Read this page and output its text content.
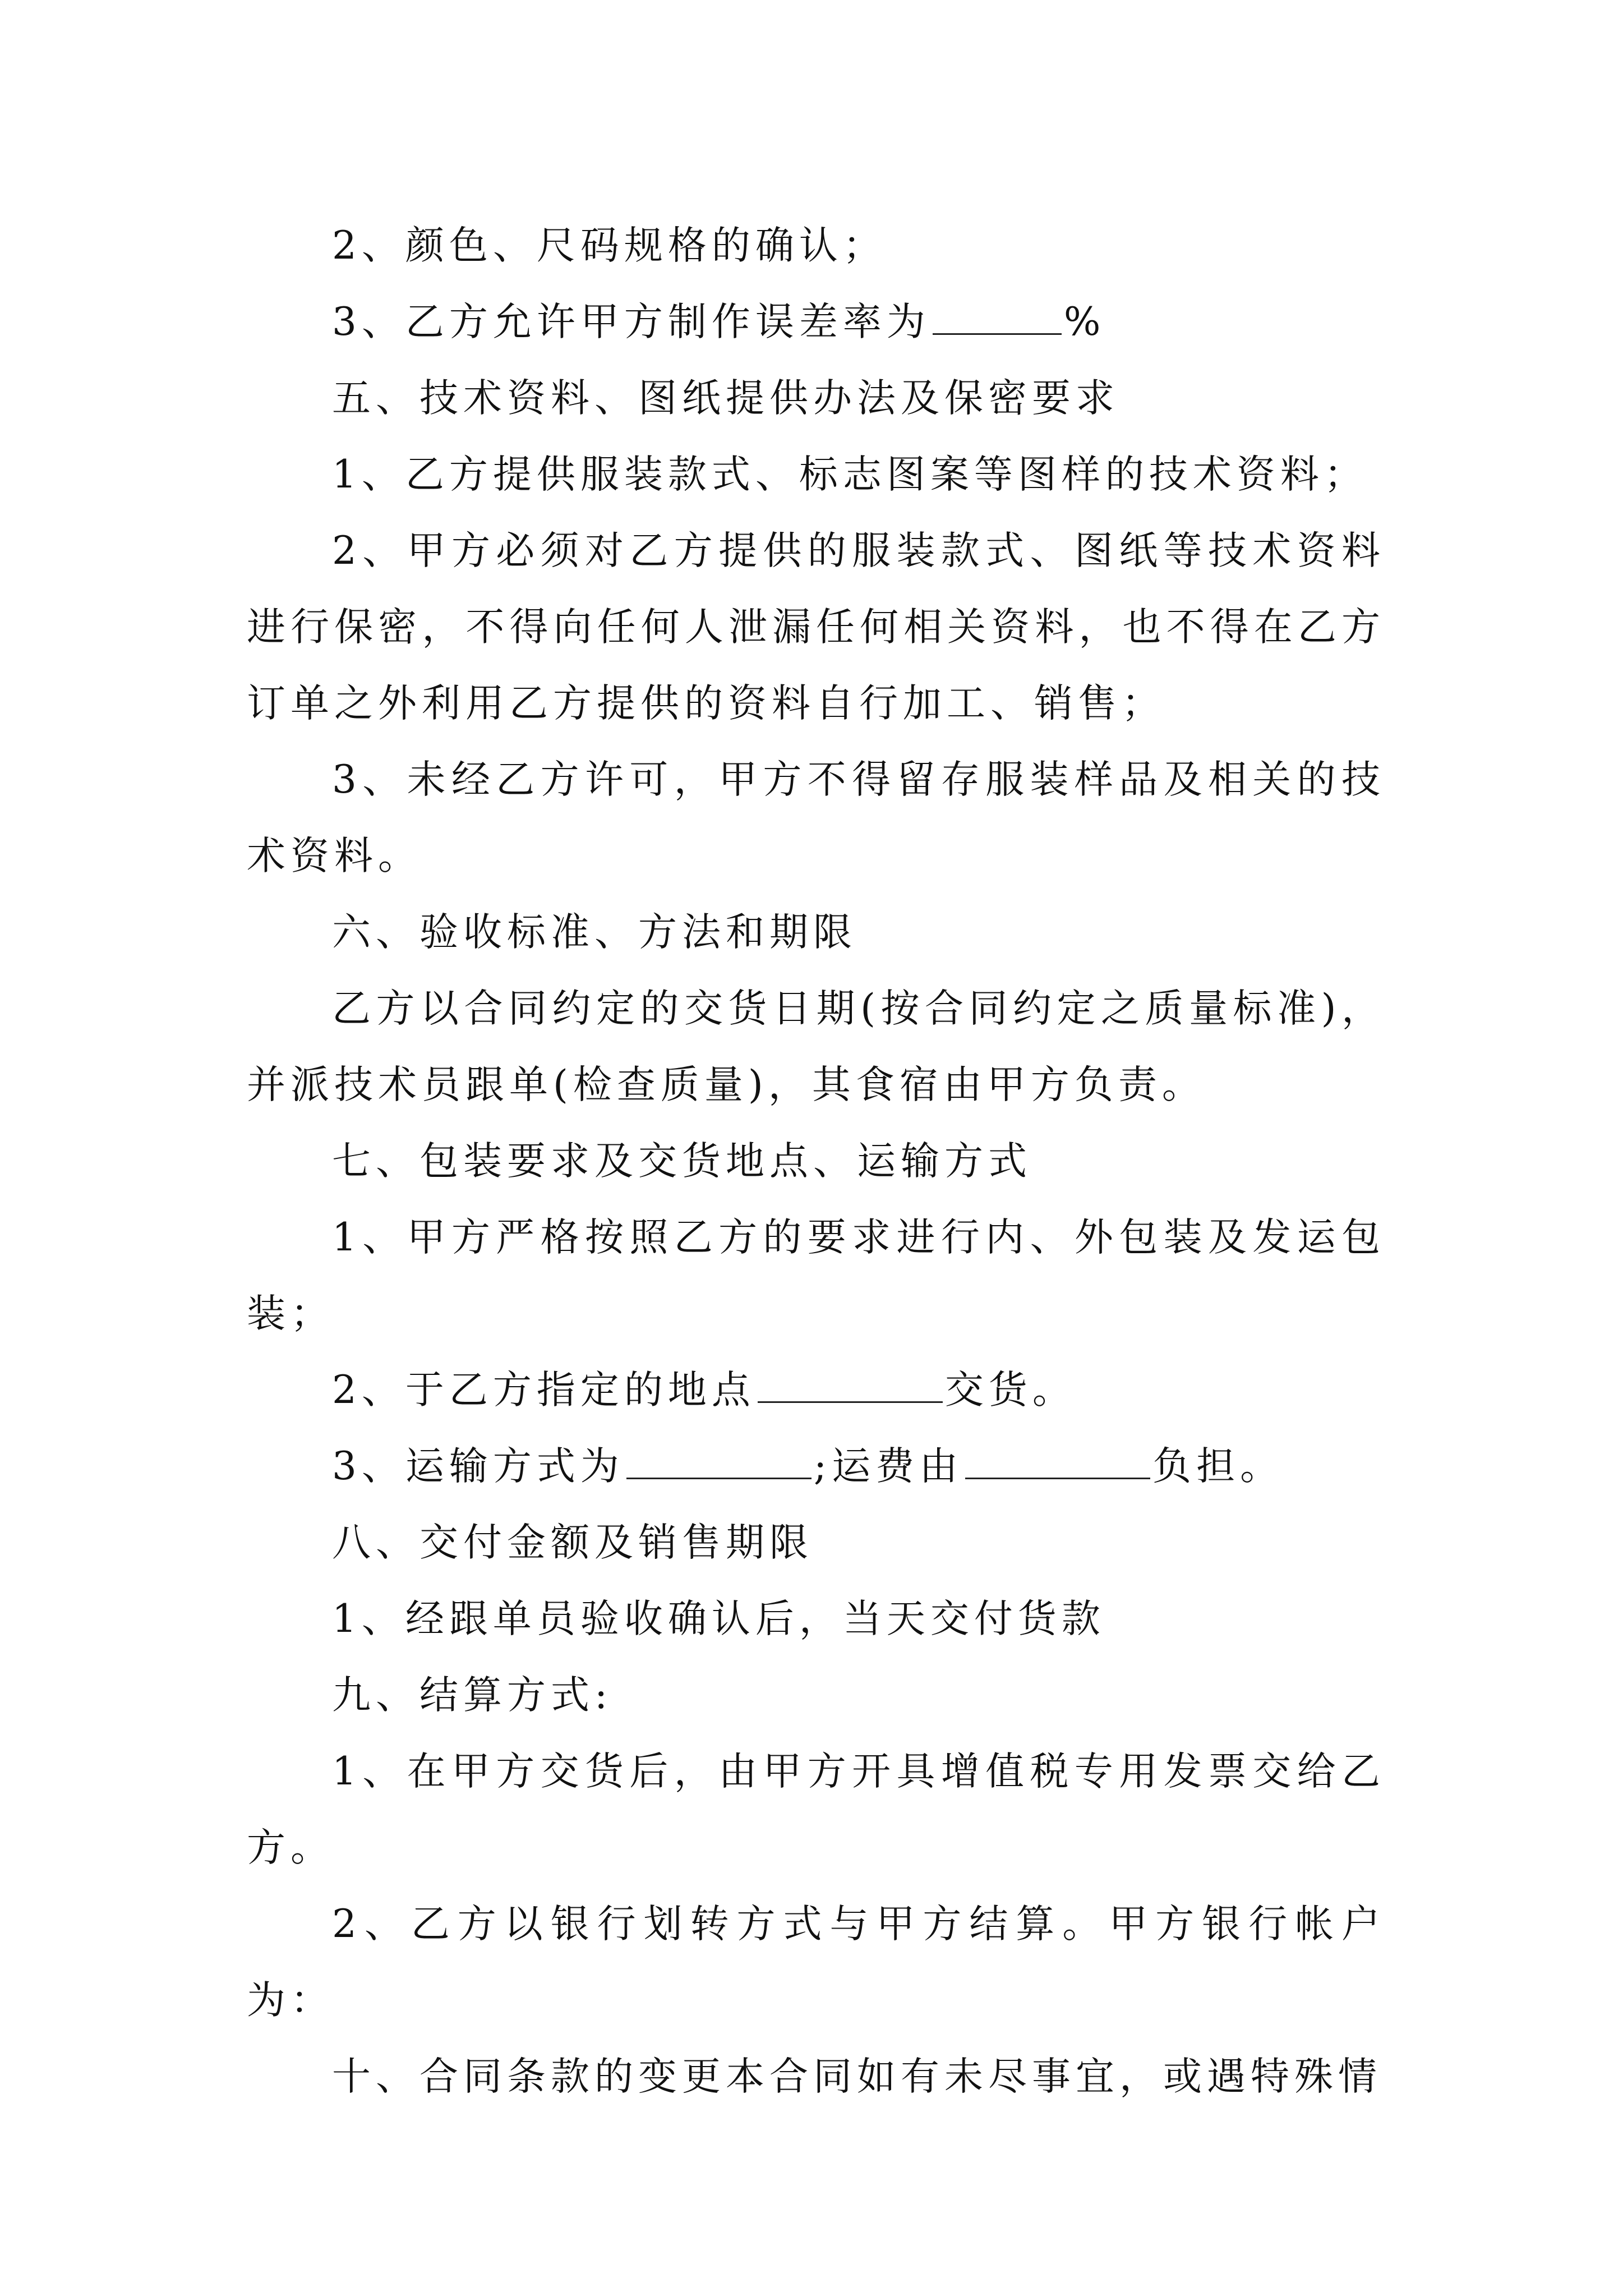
2、颜色、尺码规格的确认；

3、乙方允许甲方制作误差率为	%

五、技术资料、图纸提供办法及保密要求

1、乙方提供服装款式、标志图案等图样的技术资料；

2、甲方必须对乙方提供的服装款式、图纸等技术资料进行保密，不得向任何人泄漏任何相关资料，也不得在乙方订单之外利用乙方提供的资料自行加工、销售；

3、未经乙方许可，甲方不得留存服装样品及相关的技术资料。

六、验收标准、方法和期限

乙方以合同约定的交货日期(按合同约定之质量标准)，并派技术员跟单(检查质量)，其食宿由甲方负责。

七、包装要求及交货地点、运输方式

1、甲方严格按照乙方的要求进行内、外包装及发运包装；

2、于乙方指定的地点	交货。

3、运输方式为	;运费由	负担。

八、交付金额及销售期限

1、经跟单员验收确认后，当天交付货款

九、结算方式:

1、在甲方交货后，由甲方开具增值税专用发票交给乙方。

2、乙方以银行划转方式与甲方结算。甲方银行帐户为：

十、合同条款的变更本合同如有未尽事宜，或遇特殊情
